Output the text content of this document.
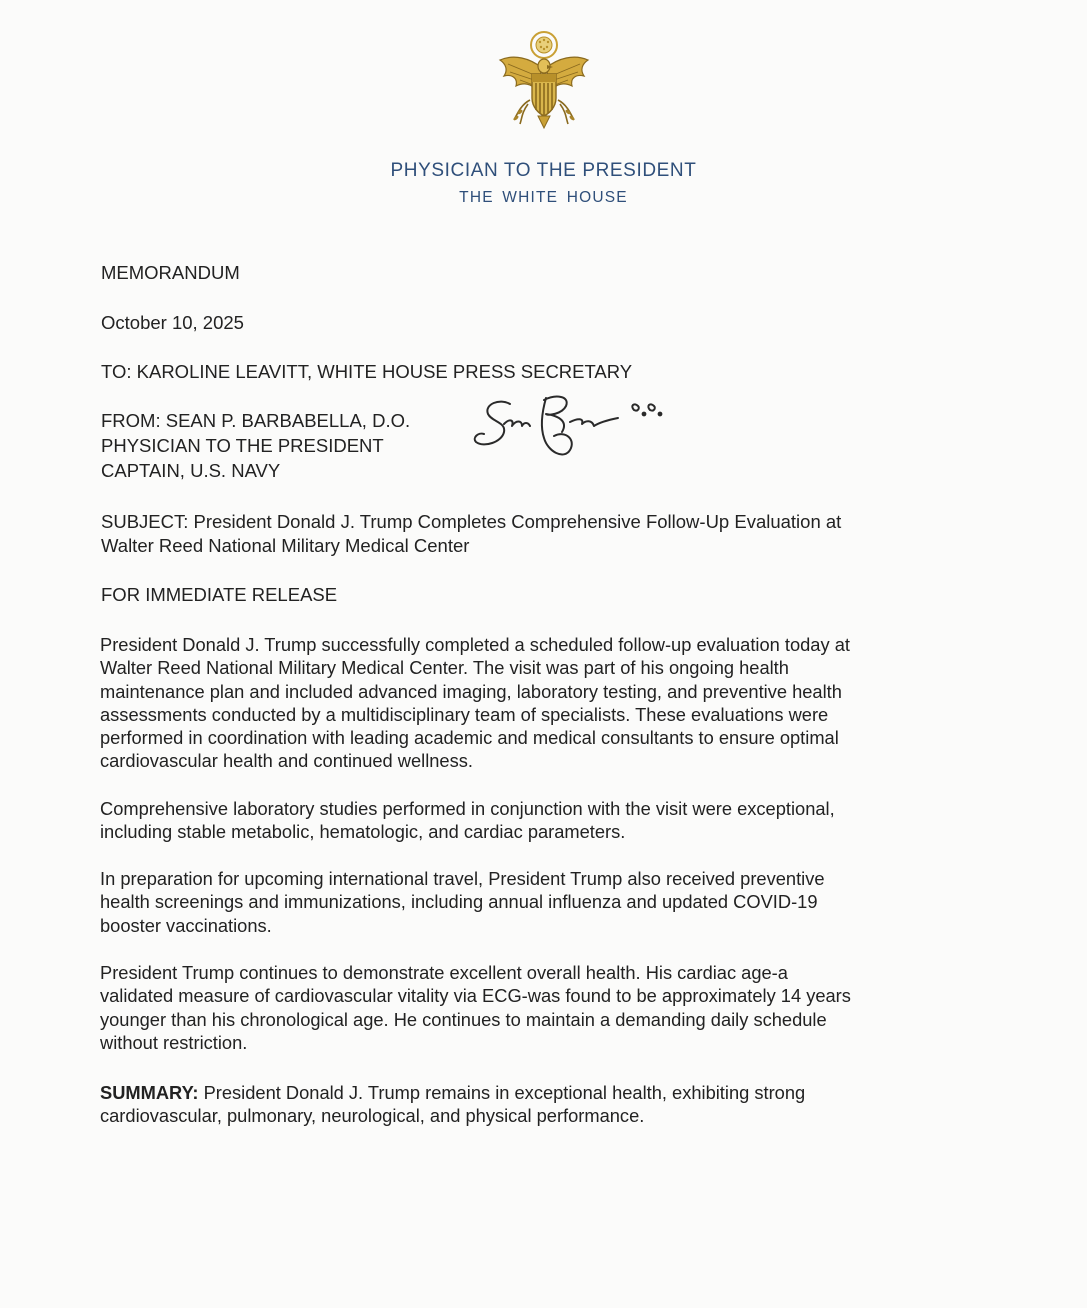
PHYSICIAN TO THE PRESIDENT
THE WHITE HOUSE
MEMORANDUM
October 10, 2025
TO: KAROLINE LEAVITT, WHITE HOUSE PRESS SECRETARY
FROM: SEAN P. BARBABELLA, D.O.
PHYSICIAN TO THE PRESIDENT
CAPTAIN, U.S. NAVY
SUBJECT: President Donald J. Trump Completes Comprehensive Follow-Up Evaluation at
Walter Reed National Military Medical Center
FOR IMMEDIATE RELEASE
President Donald J. Trump successfully completed a scheduled follow-up evaluation today at
Walter Reed National Military Medical Center. The visit was part of his ongoing health
maintenance plan and included advanced imaging, laboratory testing, and preventive health
assessments conducted by a multidisciplinary team of specialists. These evaluations were
performed in coordination with leading academic and medical consultants to ensure optimal
cardiovascular health and continued wellness.
Comprehensive laboratory studies performed in conjunction with the visit were exceptional,
including stable metabolic, hematologic, and cardiac parameters.
In preparation for upcoming international travel, President Trump also received preventive
health screenings and immunizations, including annual influenza and updated COVID-19
booster vaccinations.
President Trump continues to demonstrate excellent overall health. His cardiac age-a
validated measure of cardiovascular vitality via ECG-was found to be approximately 14 years
younger than his chronological age. He continues to maintain a demanding daily schedule
without restriction.
SUMMARY: President Donald J. Trump remains in exceptional health, exhibiting strong
cardiovascular, pulmonary, neurological, and physical performance.
